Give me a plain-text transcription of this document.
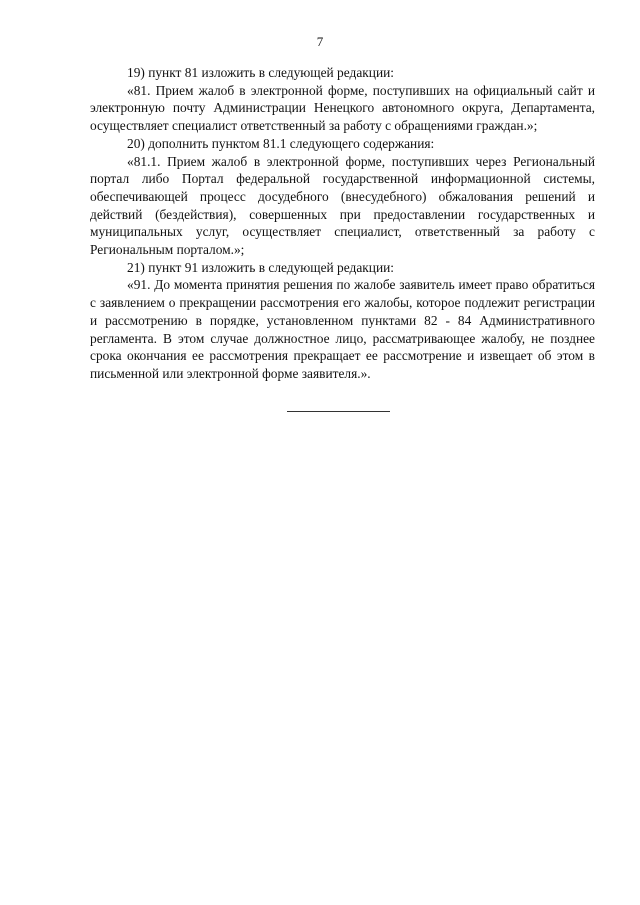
7

19) пункт 81 изложить в следующей редакции:

«81. Прием жалоб в электронной форме, поступивших на официальный сайт и электронную почту Администрации Ненецкого автономного округа, Департамента, осуществляет специалист ответственный за работу с обращениями граждан.»;

20) дополнить пунктом 81.1 следующего содержания:

«81.1. Прием жалоб в электронной форме, поступивших через Региональный портал либо Портал федеральной государственной информационной системы, обеспечивающей процесс досудебного (внесудебного) обжалования решений и действий (бездействия), совершенных при предоставлении государственных и муниципальных услуг, осуществляет специалист, ответственный за работу с Региональным порталом.»;

21) пункт 91 изложить в следующей редакции:

«91. До момента принятия решения по жалобе заявитель имеет право обратиться с заявлением о прекращении рассмотрения его жалобы, которое подлежит регистрации и рассмотрению в порядке, установленном пунктами 82 - 84 Административного регламента. В этом случае должностное лицо, рассматривающее жалобу, не позднее срока окончания ее рассмотрения прекращает ее рассмотрение и извещает об этом в письменной или электронной форме заявителя.».
